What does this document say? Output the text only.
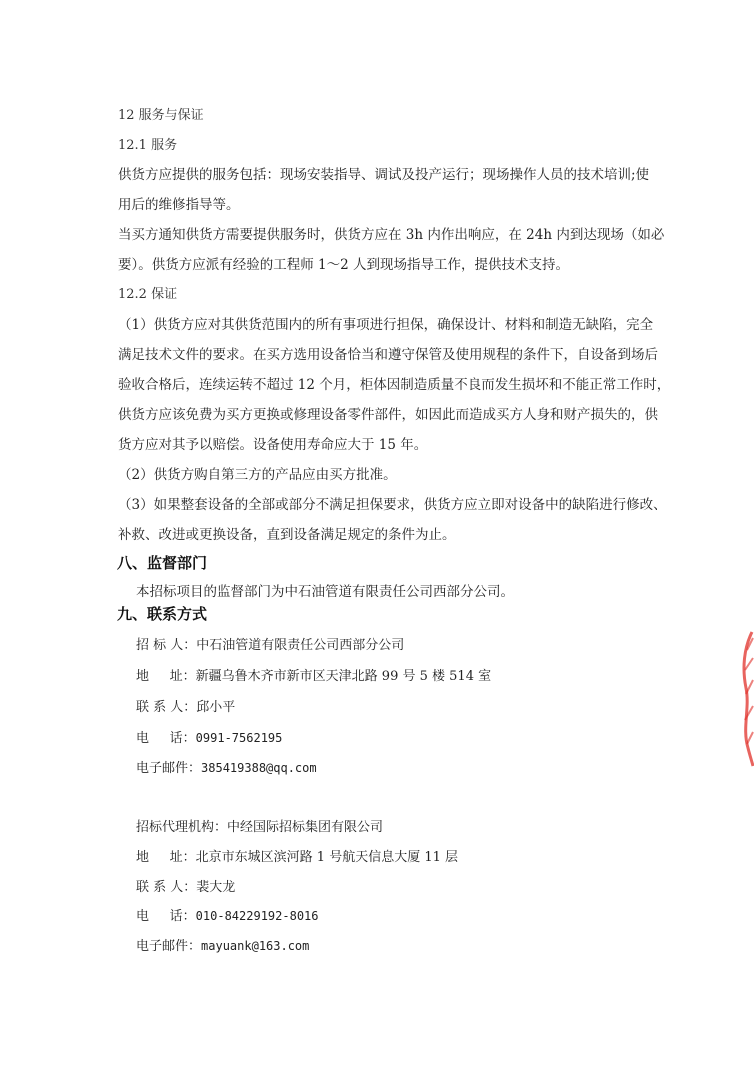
12 服务与保证
12.1 服务
供货方应提供的服务包括：现场安装指导、调试及投产运行；现场操作人员的技术培训;使
用后的维修指导等。
当买方通知供货方需要提供服务时，供货方应在 3h 内作出响应，在 24h 内到达现场（如必
要）。供货方应派有经验的工程师 1～2 人到现场指导工作，提供技术支持。
12.2 保证
（1）供货方应对其供货范围内的所有事项进行担保，确保设计、材料和制造无缺陷，完全
满足技术文件的要求。在买方选用设备恰当和遵守保管及使用规程的条件下，自设备到场后
验收合格后，连续运转不超过 12 个月，柜体因制造质量不良而发生损坏和不能正常工作时，
供货方应该免费为买方更换或修理设备零件部件，如因此而造成买方人身和财产损失的，供
货方应对其予以赔偿。设备使用寿命应大于 15 年。
（2）供货方购自第三方的产品应由买方批准。
（3）如果整套设备的全部或部分不满足担保要求，供货方应立即对设备中的缺陷进行修改、
补救、改进或更换设备，直到设备满足规定的条件为止。
八、监督部门
本招标项目的监督部门为中石油管道有限责任公司西部分公司。
九、联系方式
招 标 人：中石油管道有限责任公司西部分公司
地     址：新疆乌鲁木齐市新市区天津北路 99 号 5 楼 514 室
联 系 人：邱小平
电     话：0991-7562195
电子邮件：385419388@qq.com
招标代理机构：中经国际招标集团有限公司
地     址：北京市东城区滨河路 1 号航天信息大厦 11 层
联 系 人：裴大龙
电     话：010-84229192-8016
电子邮件：mayuank@163.com
